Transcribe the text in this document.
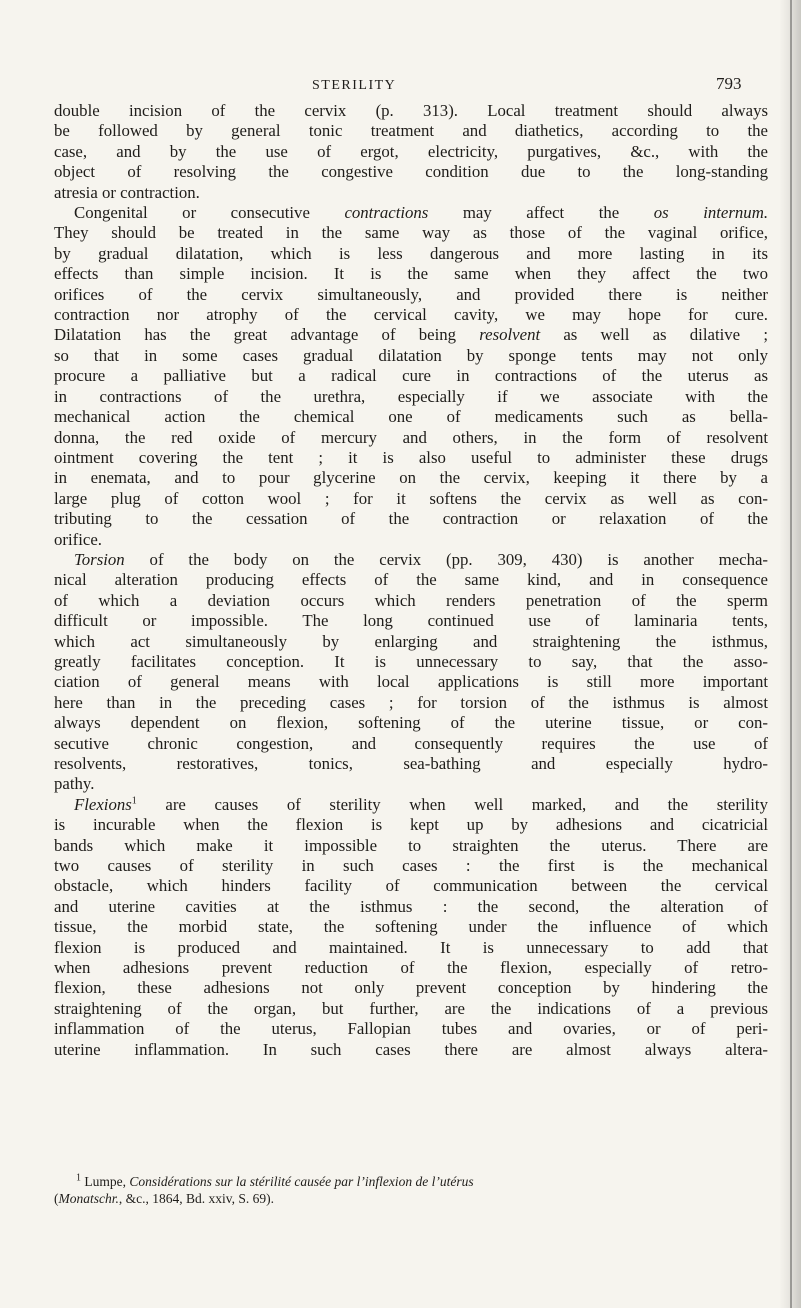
STERILITY	793
double incision of the cervix (p. 313). Local treatment should always
be followed by general tonic treatment and diathetics, according to the
case, and by the use of ergot, electricity, purgatives, &c., with the
object of resolving the congestive condition due to the long-standing
atresia or contraction.
Congenital or consecutive contractions may affect the os internum.
They should be treated in the same way as those of the vaginal orifice,
by gradual dilatation, which is less dangerous and more lasting in its
effects than simple incision. It is the same when they affect the two
orifices of the cervix simultaneously, and provided there is neither
contraction nor atrophy of the cervical cavity, we may hope for cure.
Dilatation has the great advantage of being resolvent as well as dilative ;
so that in some cases gradual dilatation by sponge tents may not only
procure a palliative but a radical cure in contractions of the uterus as
in contractions of the urethra, especially if we associate with the
mechanical action the chemical one of medicaments such as bella-
donna, the red oxide of mercury and others, in the form of resolvent
ointment covering the tent ; it is also useful to administer these drugs
in enemata, and to pour glycerine on the cervix, keeping it there by a
large plug of cotton wool ; for it softens the cervix as well as con-
tributing to the cessation of the contraction or relaxation of the
orifice.
Torsion of the body on the cervix (pp. 309, 430) is another mecha-
nical alteration producing effects of the same kind, and in consequence
of which a deviation occurs which renders penetration of the sperm
difficult or impossible. The long continued use of laminaria tents,
which act simultaneously by enlarging and straightening the isthmus,
greatly facilitates conception. It is unnecessary to say, that the asso-
ciation of general means with local applications is still more important
here than in the preceding cases ; for torsion of the isthmus is almost
always dependent on flexion, softening of the uterine tissue, or con-
secutive chronic congestion, and consequently requires the use of
resolvents, restoratives, tonics, sea-bathing and especially hydro-
pathy.
Flexions$^1$ are causes of sterility when well marked, and the sterility
is incurable when the flexion is kept up by adhesions and cicatricial
bands which make it impossible to straighten the uterus. There are
two causes of sterility in such cases : the first is the mechanical
obstacle, which hinders facility of communication between the cervical
and uterine cavities at the isthmus : the second, the alteration of
tissue, the morbid state, the softening under the influence of which
flexion is produced and maintained. It is unnecessary to add that
when adhesions prevent reduction of the flexion, especially of retro-
flexion, these adhesions not only prevent conception by hindering the
straightening of the organ, but further, are the indications of a previous
inflammation of the uterus, Fallopian tubes and ovaries, or of peri-
uterine inflammation. In such cases there are almost always altera-
$^1$ Lumpe, Considérations sur la stérilité causée par l’inflexion de l’utérus
(Monatschr., &c., 1864, Bd. xxiv, S. 69).
